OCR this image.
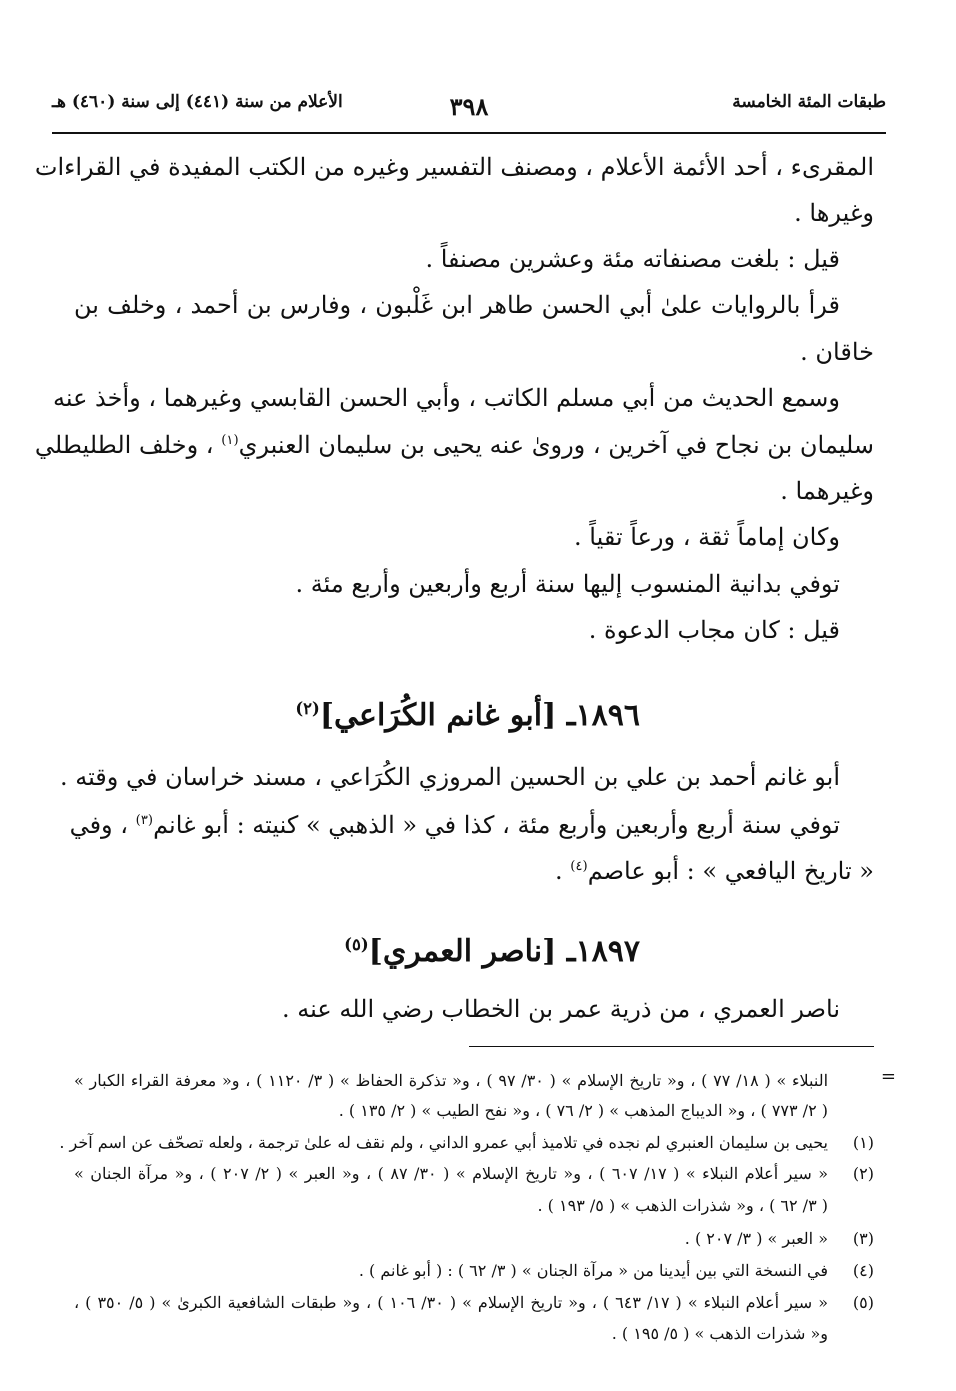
طبقات المئة الخامسة
٣٩٨
الأعلام من سنة (٤٤١) إلى سنة (٤٦٠) هـ
المقرىء ، أحد الأئمة الأعلام ، ومصنف التفسير وغيره من الكتب المفيدة في القراءات
وغيرها .
قيل : بلغت مصنفاته مئة وعشرين مصنفاً .
قرأ بالروايات علىٰ أبي الحسن طاهر ابن غَلْبون ، وفارس بن أحمد ، وخلف بن
خاقان .
وسمع الحديث من أبي مسلم الكاتب ، وأبي الحسن القابسي وغيرهما ، وأخذ عنه
سليمان بن نجاح في آخرين ، وروىٰ عنه يحيى بن سليمان العنبري$^{(١)}$ ، وخلف الطليطلي
وغيرهما .
وكان إماماً ثقة ، ورعاً تقياً .
توفي بدانية المنسوب إليها سنة أربع وأربعين وأربع مئة .
قيل : كان مجاب الدعوة .
١٨٩٦ـ [أبو غانم الكُرَاعي]$^{(٢)}$
أبو غانم أحمد بن علي بن الحسين المروزي الكُرَاعي ، مسند خراسان في وقته .
توفي سنة أربع وأربعين وأربع مئة ، كذا في « الذهبي » كنيته : أبو غانم$^{(٣)}$ ، وفي
« تاريخ اليافعي » : أبو عاصم$^{(٤)}$ .
١٨٩٧ـ [ناصر العمري]$^{(٥)}$
ناصر العمري ، من ذرية عمر بن الخطاب رضي الله عنه .
=
النبلاء » ( ١٨/ ٧٧ ) ، و« تاريخ الإسلام » ( ٣٠/ ٩٧ ) ، و« تذكرة الحفاظ » ( ٣/ ١١٢٠ ) ، و« معرفة القراء الكبار »
( ٢/ ٧٧٣ ) ، و« الديباج المذهب » ( ٢/ ٧٦ ) ، و« نفح الطيب » ( ٢/ ١٣٥ ) .
(١)
يحيى بن سليمان العنبري لم نجده في تلاميذ أبي عمرو الداني ، ولم نقف له علىٰ ترجمة ، ولعله تصحّف عن اسم آخر .
(٢)
« سير أعلام النبلاء » ( ١٧/ ٦٠٧ ) ، و« تاريخ الإسلام » ( ٣٠/ ٨٧ ) ، و« العبر » ( ٢/ ٢٠٧ ) ، و« مرآة الجنان »
( ٣/ ٦٢ ) ، و« شذرات الذهب » ( ٥/ ١٩٣ ) .
(٣)
« العبر » ( ٣/ ٢٠٧ ) .
(٤)
في النسخة التي بين أيدينا من « مرآة الجنان » ( ٣/ ٦٢ ) : ( أبو غانم ) .
(٥)
« سير أعلام النبلاء » ( ١٧/ ٦٤٣ ) ، و« تاريخ الإسلام » ( ٣٠/ ١٠٦ ) ، و« طبقات الشافعية الكبرىٰ » ( ٥/ ٣٥٠ ) ،
و« شذرات الذهب » ( ٥/ ١٩٥ ) .
